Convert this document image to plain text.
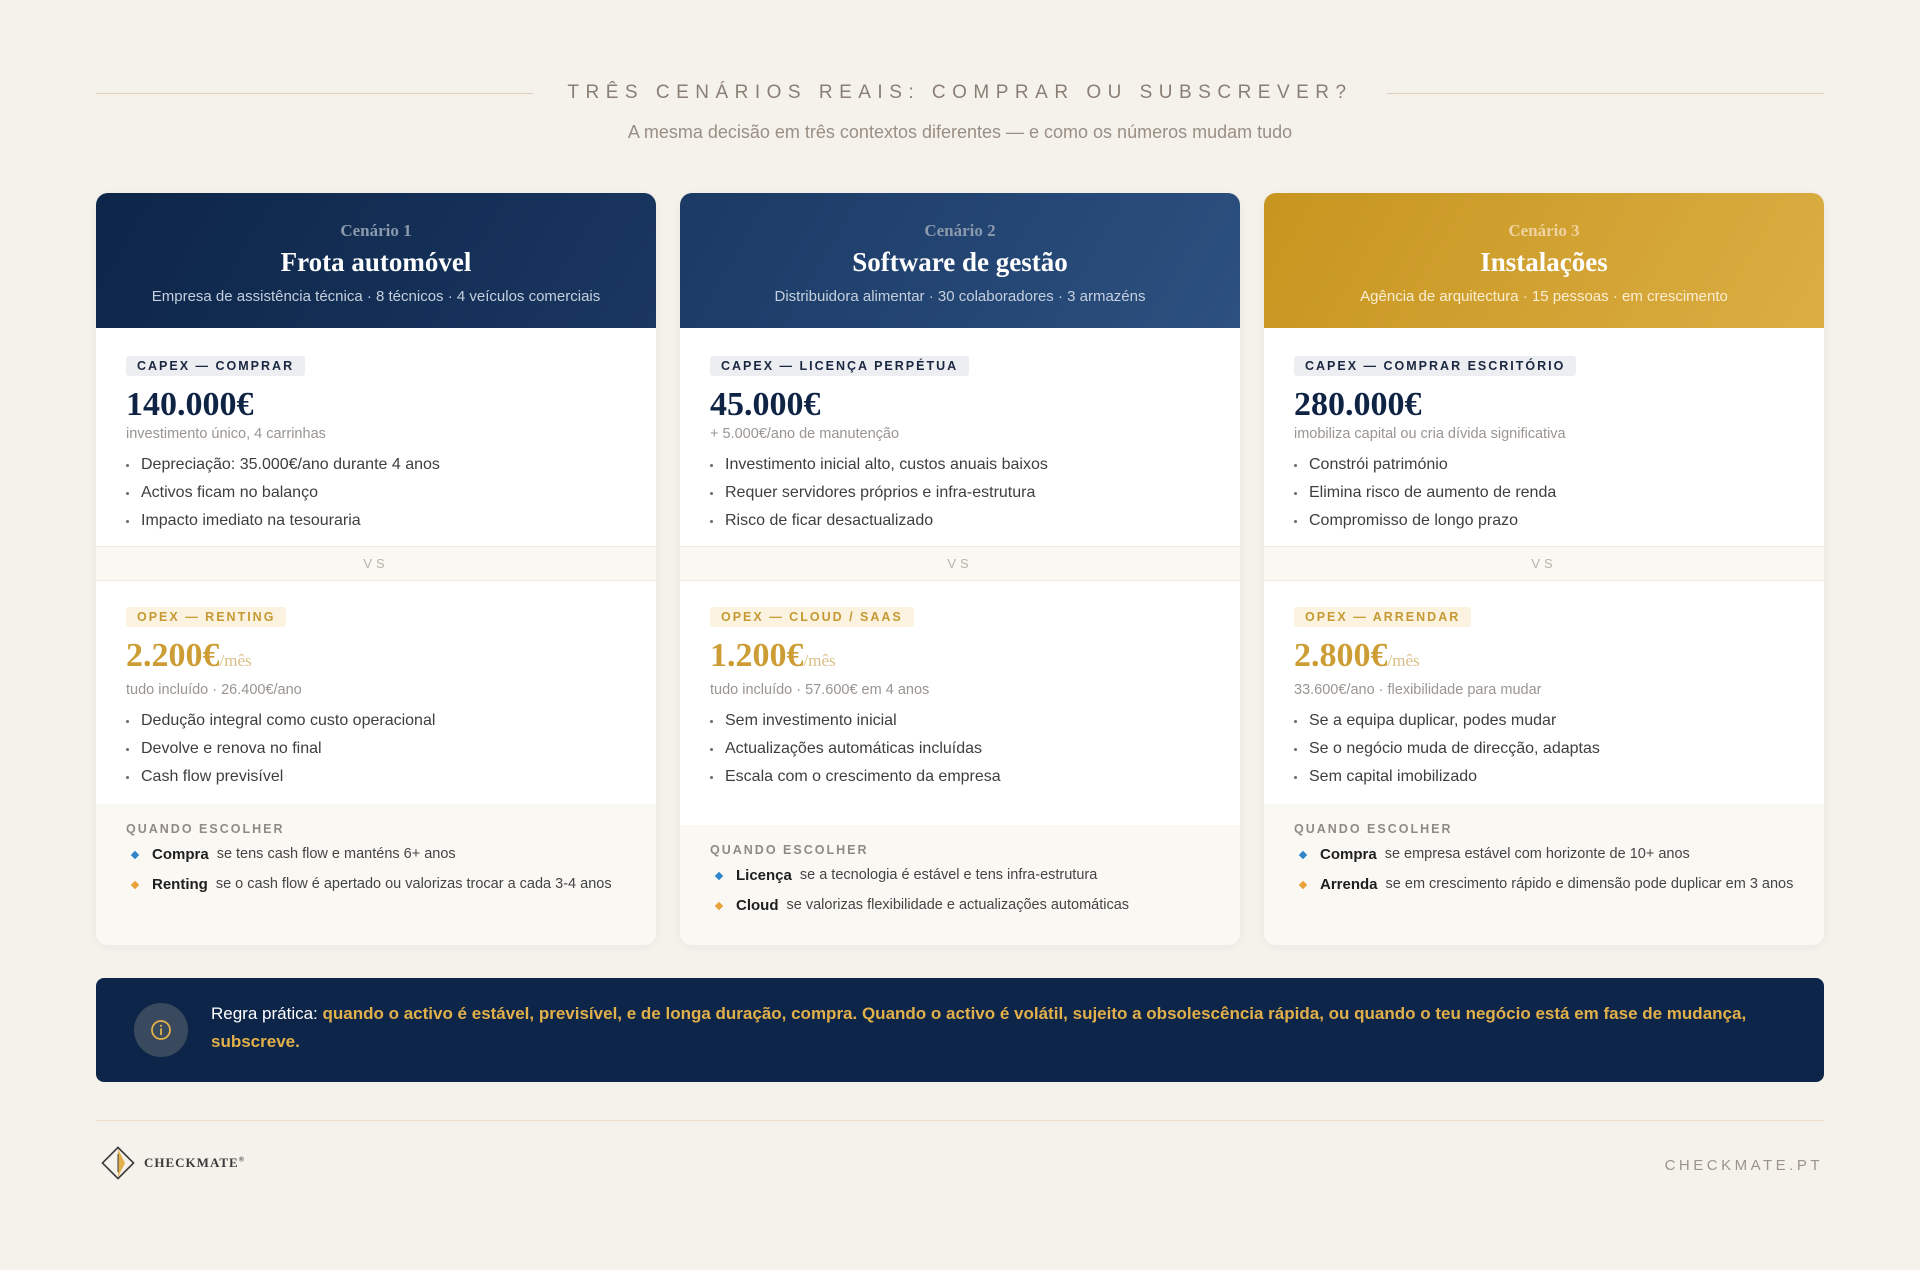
TRÊS CENÁRIOS REAIS: COMPRAR OU SUBSCREVER?
A mesma decisão em três contextos diferentes — e como os números mudam tudo
Cenário 1
Frota automóvel
Empresa de assistência técnica · 8 técnicos · 4 veículos comerciais
CAPEX — COMPRAR
140.000€
investimento único, 4 carrinhas
Depreciação: 35.000€/ano durante 4 anos
Activos ficam no balanço
Impacto imediato na tesouraria
VS
OPEX — RENTING
2.200€/mês
tudo incluído · 26.400€/ano
Dedução integral como custo operacional
Devolve e renova no final
Cash flow previsível
QUANDO ESCOLHER
Compra se tens cash flow e manténs 6+ anos
Renting se o cash flow é apertado ou valorizas trocar a cada 3-4 anos
Cenário 2
Software de gestão
Distribuidora alimentar · 30 colaboradores · 3 armazéns
CAPEX — LICENÇA PERPÉTUA
45.000€
+ 5.000€/ano de manutenção
Investimento inicial alto, custos anuais baixos
Requer servidores próprios e infra-estrutura
Risco de ficar desactualizado
VS
OPEX — CLOUD / SAAS
1.200€/mês
tudo incluído · 57.600€ em 4 anos
Sem investimento inicial
Actualizações automáticas incluídas
Escala com o crescimento da empresa
QUANDO ESCOLHER
Licença se a tecnologia é estável e tens infra-estrutura
Cloud se valorizas flexibilidade e actualizações automáticas
Cenário 3
Instalações
Agência de arquitectura · 15 pessoas · em crescimento
CAPEX — COMPRAR ESCRITÓRIO
280.000€
imobiliza capital ou cria dívida significativa
Constrói património
Elimina risco de aumento de renda
Compromisso de longo prazo
VS
OPEX — ARRENDAR
2.800€/mês
33.600€/ano · flexibilidade para mudar
Se a equipa duplicar, podes mudar
Se o negócio muda de direcção, adaptas
Sem capital imobilizado
QUANDO ESCOLHER
Compra se empresa estável com horizonte de 10+ anos
Arrenda se em crescimento rápido e dimensão pode duplicar em 3 anos
Regra prática: quando o activo é estável, previsível, e de longa duração, compra. Quando o activo é volátil, sujeito a obsolescência rápida, ou quando o teu negócio está em fase de mudança, subscreve.
CHECKMATE®	CHECKMATE.PT
